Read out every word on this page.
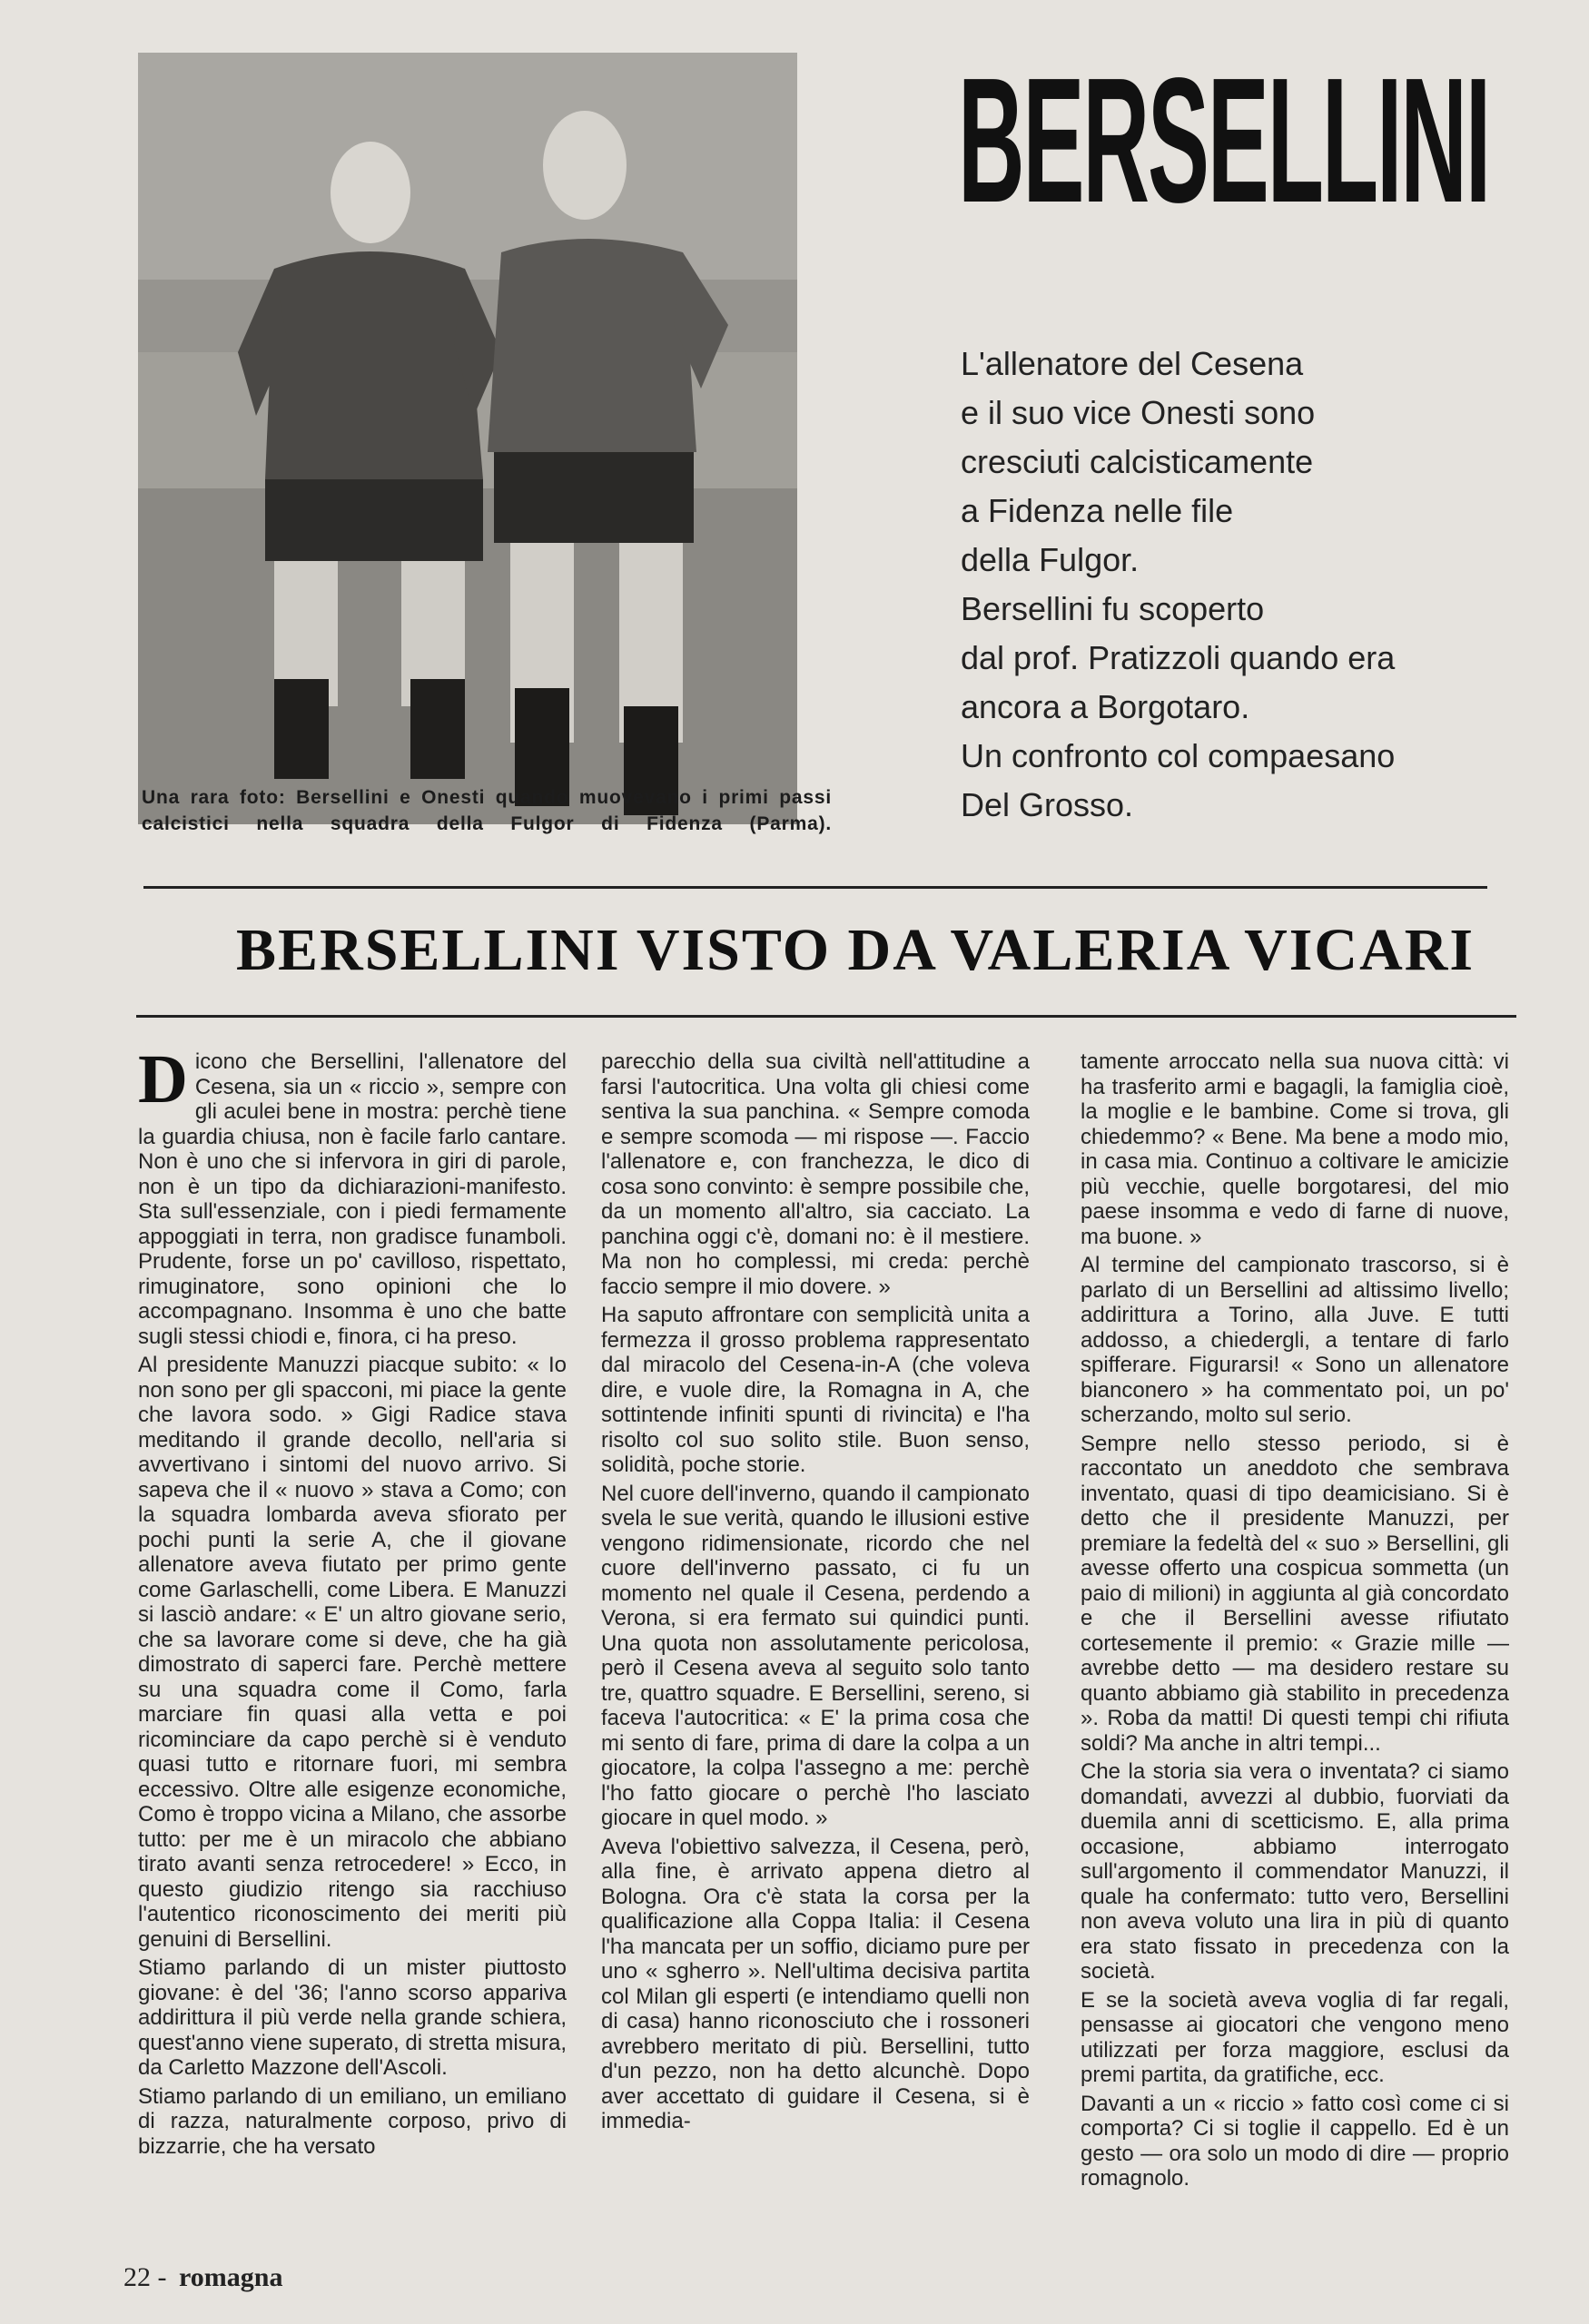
Una rara foto: Bersellini e Onesti quando muovevano i primi passi calcistici nella squadra della Fulgor di Fidenza (Parma).
BERSELLINI
L'allenatore del Cesena
e il suo vice Onesti sono
cresciuti calcisticamente
a Fidenza nelle file
della Fulgor.
Bersellini fu scoperto
dal prof. Pratizzoli quando era
ancora a Borgotaro.
Un confronto col compaesano
Del Grosso.
BERSELLINI VISTO DA VALERIA VICARI

Dicono che Bersellini, l'allenatore del Cesena, sia un « riccio », sempre con gli aculei bene in mostra: perchè tiene la guardia chiusa, non è facile farlo cantare. Non è uno che si infervora in giri di parole, non è un tipo da dichiarazioni-manifesto. Sta sull'essenziale, con i piedi fermamente appoggiati in terra, non gradisce funamboli. Prudente, forse un po' cavilloso, rispettato, rimuginatore, sono opinioni che lo accompagnano. Insomma è uno che batte sugli stessi chiodi e, finora, ci ha preso.

Al presidente Manuzzi piacque subito: « Io non sono per gli spacconi, mi piace la gente che lavora sodo. » Gigi Radice stava meditando il grande decollo, nell'aria si avvertivano i sintomi del nuovo arrivo. Si sapeva che il « nuovo » stava a Como; con la squadra lombarda aveva sfiorato per pochi punti la serie A, che il giovane allenatore aveva fiutato per primo gente come Garlaschelli, come Libera. E Manuzzi si lasciò andare: « E' un altro giovane serio, che sa lavorare come si deve, che ha già dimostrato di saperci fare. Perchè mettere su una squadra come il Como, farla marciare fin quasi alla vetta e poi ricominciare da capo perchè si è venduto quasi tutto e ritornare fuori, mi sembra eccessivo. Oltre alle esigenze economiche, Como è troppo vicina a Milano, che assorbe tutto: per me è un miracolo che abbiano tirato avanti senza retrocedere! » Ecco, in questo giudizio ritengo sia racchiuso l'autentico riconoscimento dei meriti più genuini di Bersellini.

Stiamo parlando di un mister piuttosto giovane: è del '36; l'anno scorso appariva addirittura il più verde nella grande schiera, quest'anno viene superato, di stretta misura, da Carletto Mazzone dell'Ascoli.

Stiamo parlando di un emiliano, un emiliano di razza, naturalmente corposo, privo di bizzarrie, che ha versato

parecchio della sua civiltà nell'attitudine a farsi l'autocritica. Una volta gli chiesi come sentiva la sua panchina. « Sempre comoda e sempre scomoda — mi rispose —. Faccio l'allenatore e, con franchezza, le dico di cosa sono convinto: è sempre possibile che, da un momento all'altro, sia cacciato. La panchina oggi c'è, domani no: è il mestiere. Ma non ho complessi, mi creda: perchè faccio sempre il mio dovere. »

Ha saputo affrontare con semplicità unita a fermezza il grosso problema rappresentato dal miracolo del Cesena-in-A (che voleva dire, e vuole dire, la Romagna in A, che sottintende infiniti spunti di rivincita) e l'ha risolto col suo solito stile. Buon senso, solidità, poche storie.

Nel cuore dell'inverno, quando il campionato svela le sue verità, quando le illusioni estive vengono ridimensionate, ricordo che nel cuore dell'inverno passato, ci fu un momento nel quale il Cesena, perdendo a Verona, si era fermato sui quindici punti. Una quota non assolutamente pericolosa, però il Cesena aveva al seguito solo tanto tre, quattro squadre. E Bersellini, sereno, si faceva l'autocritica: « E' la prima cosa che mi sento di fare, prima di dare la colpa a un giocatore, la colpa l'assegno a me: perchè l'ho fatto giocare o perchè l'ho lasciato giocare in quel modo. »

Aveva l'obiettivo salvezza, il Cesena, però, alla fine, è arrivato appena dietro al Bologna. Ora c'è stata la corsa per la qualificazione alla Coppa Italia: il Cesena l'ha mancata per un soffio, diciamo pure per uno « sgherro ». Nell'ultima decisiva partita col Milan gli esperti (e intendiamo quelli non di casa) hanno riconosciuto che i rossoneri avrebbero meritato di più. Bersellini, tutto d'un pezzo, non ha detto alcunchè. Dopo aver accettato di guidare il Cesena, si è immedia-

tamente arroccato nella sua nuova città: vi ha trasferito armi e bagagli, la famiglia cioè, la moglie e le bambine. Come si trova, gli chiedemmo? « Bene. Ma bene a modo mio, in casa mia. Continuo a coltivare le amicizie più vecchie, quelle borgotaresi, del mio paese insomma e vedo di farne di nuove, ma buone. »

Al termine del campionato trascorso, si è parlato di un Bersellini ad altissimo livello; addirittura a Torino, alla Juve. E tutti addosso, a chiedergli, a tentare di farlo spifferare. Figurarsi! « Sono un allenatore bianconero » ha commentato poi, un po' scherzando, molto sul serio.

Sempre nello stesso periodo, si è raccontato un aneddoto che sembrava inventato, quasi di tipo deamicisiano. Si è detto che il presidente Manuzzi, per premiare la fedeltà del « suo » Bersellini, gli avesse offerto una cospicua sommetta (un paio di milioni) in aggiunta al già concordato e che il Bersellini avesse rifiutato cortesemente il premio: « Grazie mille — avrebbe detto — ma desidero restare su quanto abbiamo già stabilito in precedenza ». Roba da matti! Di questi tempi chi rifiuta soldi? Ma anche in altri tempi...

Che la storia sia vera o inventata? ci siamo domandati, avvezzi al dubbio, fuorviati da duemila anni di scetticismo. E, alla prima occasione, abbiamo interrogato sull'argomento il commendator Manuzzi, il quale ha confermato: tutto vero, Bersellini non aveva voluto una lira in più di quanto era stato fissato in precedenza con la società.

E se la società aveva voglia di far regali, pensasse ai giocatori che vengono meno utilizzati per forza maggiore, esclusi da premi partita, da gratifiche, ecc.

Davanti a un « riccio » fatto così come ci si comporta? Ci si toglie il cappello. Ed è un gesto — ora solo un modo di dire — proprio romagnolo.

22 - romagna
